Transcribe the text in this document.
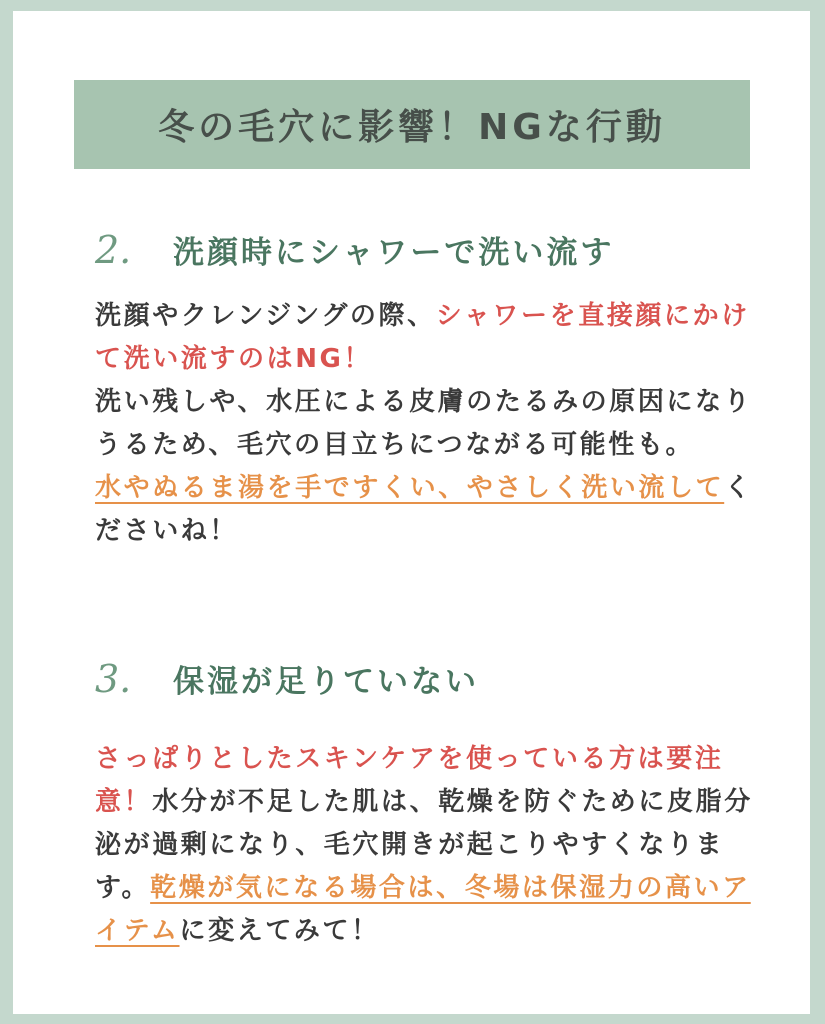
冬の毛穴に影響！NGな行動
2.	洗顔時にシャワーで洗い流す
洗顔やクレンジングの際、シャワーを直接顔にかけて洗い流すのはNG！
洗い残しや、水圧による皮膚のたるみの原因になりうるため、毛穴の目立ちにつながる可能性も。
水やぬるま湯を手ですくい、やさしく洗い流してくださいね！
3.	保湿が足りていない
さっぱりとしたスキンケアを使っている方は要注意！水分が不足した肌は、乾燥を防ぐために皮脂分泌が過剰になり、毛穴開きが起こりやすくなります。乾燥が気になる場合は、冬場は保湿力の高いアイテムに変えてみて！
